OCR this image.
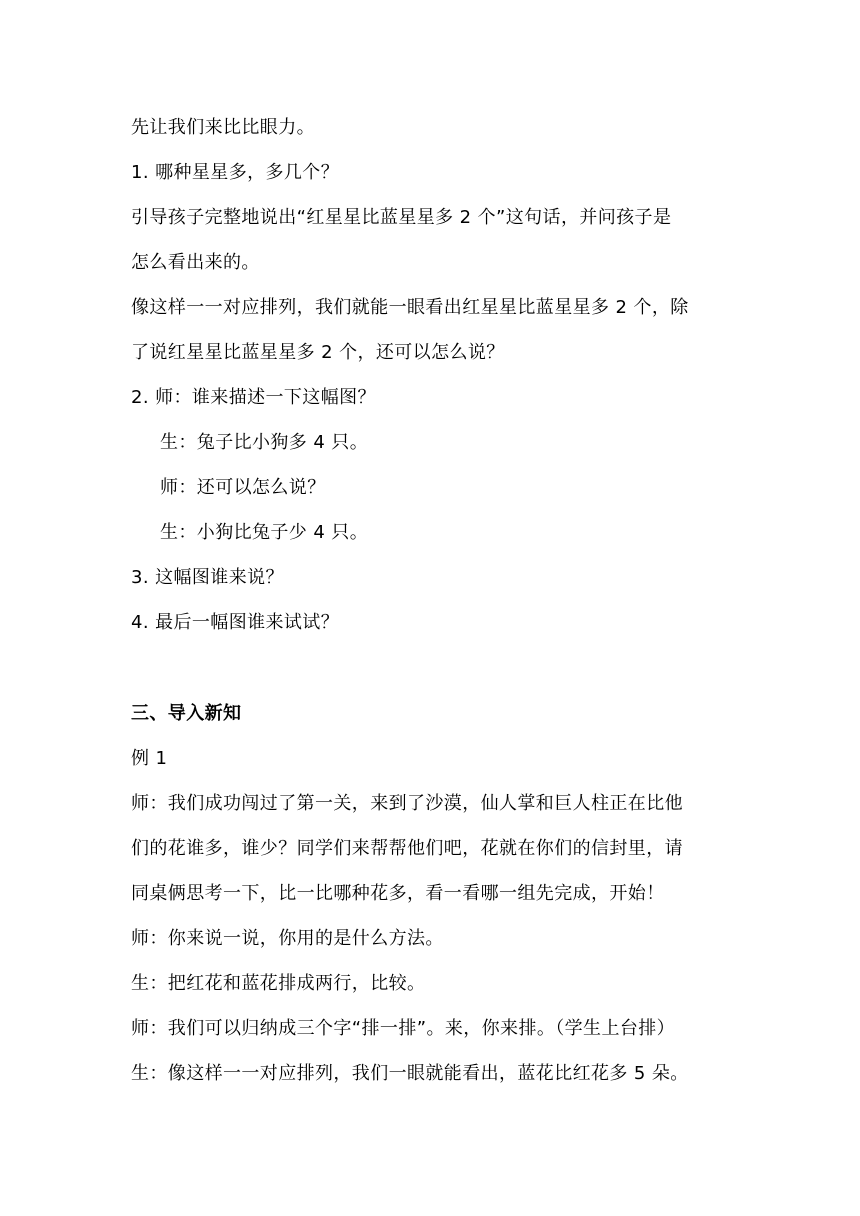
先让我们来比比眼力。
1. 哪种星星多，多几个？
引导孩子完整地说出“红星星比蓝星星多 2 个”这句话，并问孩子是
怎么看出来的。
像这样一一对应排列，我们就能一眼看出红星星比蓝星星多 2 个，除
了说红星星比蓝星星多 2 个，还可以怎么说？
2. 师：谁来描述一下这幅图？
生：兔子比小狗多 4 只。
师：还可以怎么说？
生：小狗比兔子少 4 只。
3. 这幅图谁来说？
4. 最后一幅图谁来试试？
三、导入新知
例 1
师：我们成功闯过了第一关，来到了沙漠，仙人掌和巨人柱正在比他
们的花谁多，谁少？同学们来帮帮他们吧，花就在你们的信封里，请
同桌俩思考一下，比一比哪种花多，看一看哪一组先完成，开始！
师：你来说一说，你用的是什么方法。
生：把红花和蓝花排成两行，比较。
师：我们可以归纳成三个字“排一排”。来，你来排。（学生上台排）
生：像这样一一对应排列，我们一眼就能看出，蓝花比红花多 5 朵。
